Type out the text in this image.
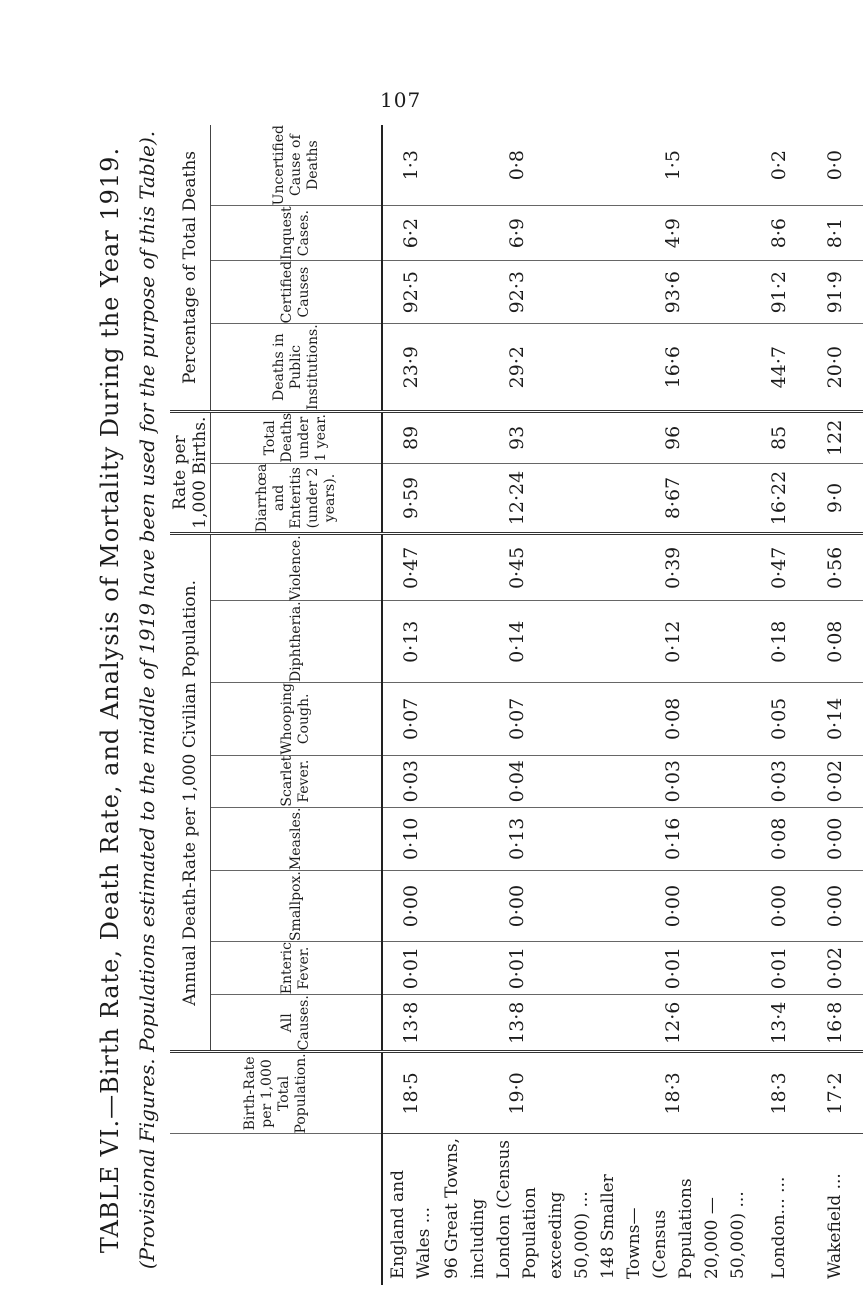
107
TABLE VI.—Birth Rate, Death Rate, and Analysis of Mortality During the Year 1919. (Provisional Figures. Populations estimated to the middle of 1919 have been used for the purpose of this Table).
		Birth-Rate per 1,000 Total Population.	Annual Death-Rate per 1,000 Civilian Population.								Rate per 1,000 Births.		Percentage of Total Deaths			
		All Causes.	Enteric Fever.	Smallpox.	Measles.	Scarlet Fever.	Whooping Cough.	Diphtheria.	Violence.	Diarrhœa and Enteritis (under 2 years).	Total Deaths under 1 year.	Deaths in Public Institutions.	Certified Causes	Inquest Cases.	Uncertified Cause of Deaths
England and Wales ...	18·5	13·8	0·01	0·00	0·10	0·03	0·07	0·13	0·47	9·59	89	23·9	92·5	6·2	1·3
96 Great Towns, including London (Census Population exceeding 50,000) ...	19·0	13·8	0·01	0·00	0·13	0·04	0·07	0·14	0·45	12·24	93	29·2	92·3	6·9	0·8
148 Smaller Towns— (Census Populations 20,000 — 50,000) ...	18·3	12·6	0·01	0·00	0·16	0·03	0·08	0·12	0·39	8·67	96	16·6	93·6	4·9	1·5
London... ...	18·3	13·4	0·01	0·00	0·08	0·03	0·05	0·18	0·47	16·22	85	44·7	91·2	8·6	0·2
Wakefield ...	17·2	16·8	0·02	0·00	0·00	0·02	0·14	0·08	0·56	9·0	122	20·0	91·9	8·1	0·0
